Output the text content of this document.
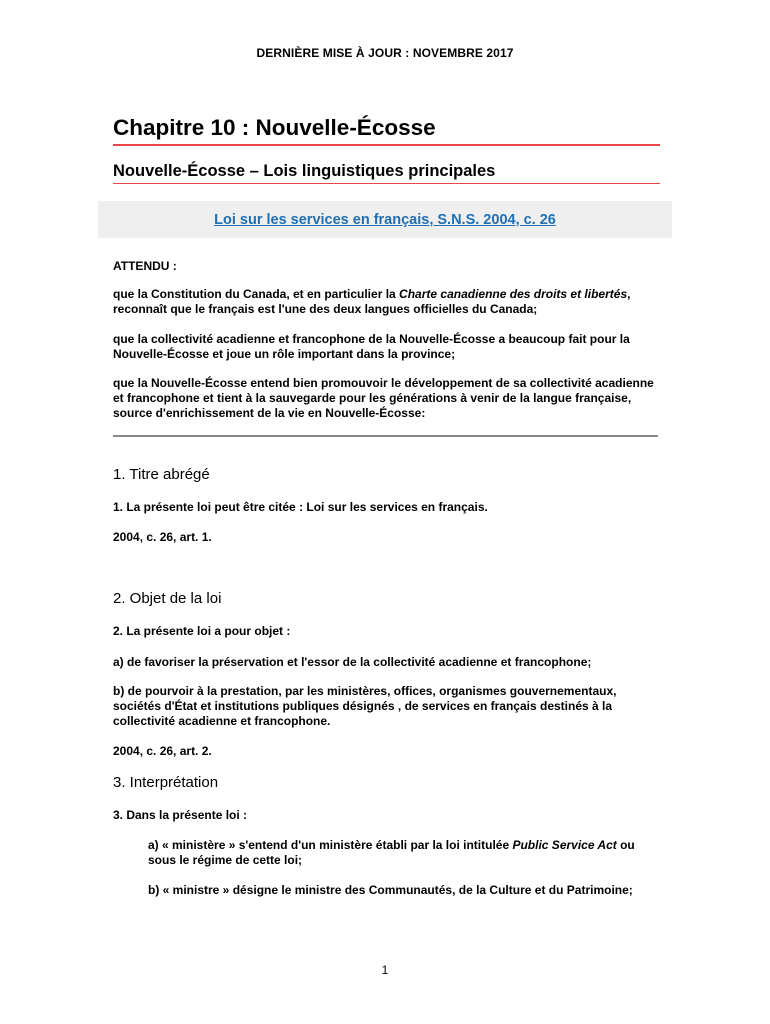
DERNIÈRE MISE À JOUR : NOVEMBRE 2017
Chapitre 10 : Nouvelle-Écosse
Nouvelle-Écosse – Lois linguistiques principales
Loi sur les services en français, S.N.S. 2004, c. 26
ATTENDU :
que la Constitution du Canada, et en particulier la Charte canadienne des droits et libertés, reconnaît que le français est l'une des deux langues officielles du Canada;
que la collectivité acadienne et francophone de la Nouvelle-Écosse a beaucoup fait pour la Nouvelle-Écosse et joue un rôle important dans la province;
que la Nouvelle-Écosse entend bien promouvoir le développement de sa collectivité acadienne et francophone et tient à la sauvegarde pour les générations à venir de la langue française, source d'enrichissement de la vie en Nouvelle-Écosse:
1. Titre abrégé
1. La présente loi peut être citée : Loi sur les services en français.
2004, c. 26, art. 1.
2. Objet de la loi
2. La présente loi a pour objet :
a) de favoriser la préservation et l'essor de la collectivité acadienne et francophone;
b) de pourvoir à la prestation, par les ministères, offices, organismes gouvernementaux, sociétés d'État et institutions publiques désignés , de services en français destinés à la collectivité acadienne et francophone.
2004, c. 26, art. 2.
3. Interprétation
3. Dans la présente loi :
a) « ministère » s'entend d'un ministère établi par la loi intitulée Public Service Act ou sous le régime de cette loi;
b) « ministre » désigne le ministre des Communautés, de la Culture et du Patrimoine;
1
